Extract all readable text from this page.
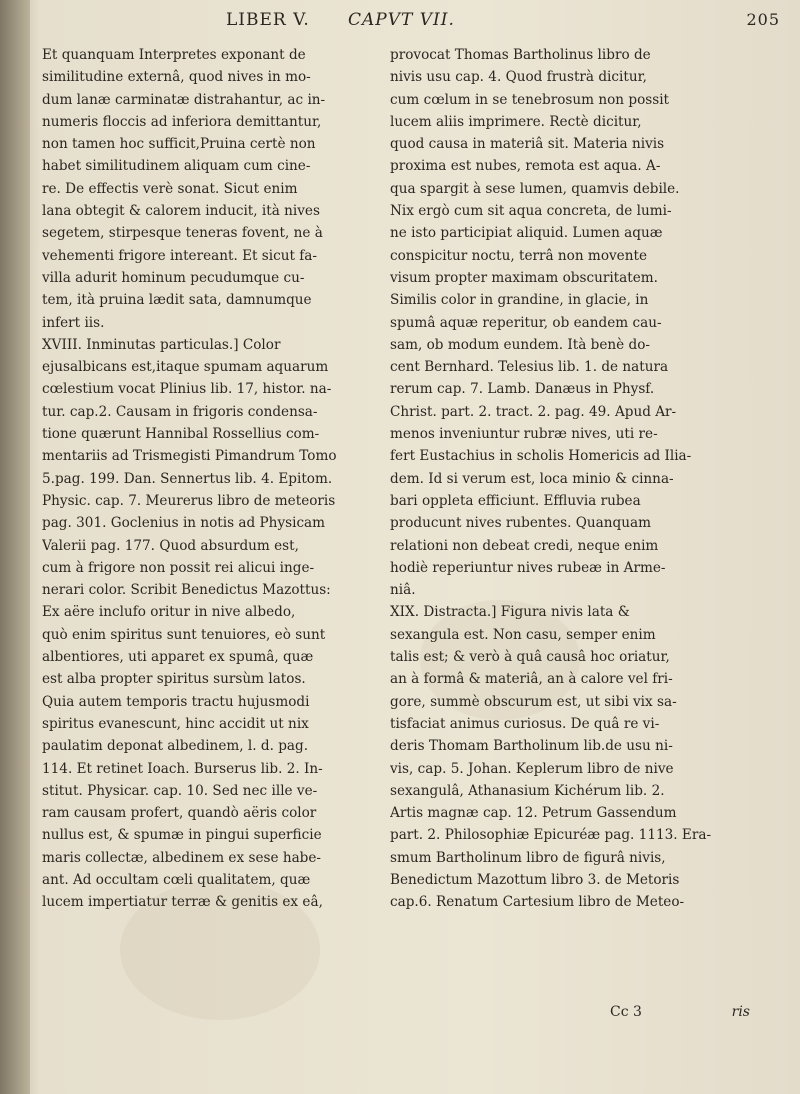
LIBER V. CAPVT VII.	205
Et quanquam Interpretes exponant de
similitudine externâ, quod nives in mo-
dum lanæ carminatæ distrahantur, ac in-
numeris floccis ad inferiora demittantur,
non tamen hoc sufficit,Pruina certè non
habet similitudinem aliquam cum cine-
re. De effectis verè sonat. Sicut enim
lana obtegit & calorem inducit, ità nives
segetem, stirpesque teneras fovent, ne à
vehementi frigore intereant. Et sicut fa-
villa adurit hominum pecudumque cu-
tem, ità pruina lædit sata, damnumque
infert iis.
XVIII. Inminutas particulas.] Color
ejusalbicans est,itaque spumam aquarum
cœlestium vocat Plinius lib. 17, histor. na-
tur. cap.2. Causam in frigoris condensa-
tione quærunt Hannibal Rossellius com-
mentariis ad Trismegisti Pimandrum Tomo
5.pag. 199. Dan. Sennertus lib. 4. Epitom.
Physic. cap. 7. Meurerus libro de meteoris
pag. 301. Goclenius in notis ad Physicam
Valerii pag. 177. Quod absurdum est,
cum à frigore non possit rei alicui inge-
nerari color. Scribit Benedictus Mazottus:
Ex aëre inclufo oritur in nive albedo,
quò enim spiritus sunt tenuiores, eò sunt
albentiores, uti apparet ex spumâ, quæ
est alba propter spiritus sursùm latos.
Quia autem temporis tractu hujusmodi
spiritus evanescunt, hinc accidit ut nix
paulatim deponat albedinem, l. d. pag.
114. Et retinet Ioach. Burserus lib. 2. In-
stitut. Physicar. cap. 10. Sed nec ille ve-
ram causam profert, quandò aëris color
nullus est, & spumæ in pingui superficie
maris collectæ, albedinem ex sese habe-
ant. Ad occultam cœli qualitatem, quæ
lucem impertiatur terræ & genitis ex eâ,
provocat Thomas Bartholinus libro de
nivis usu cap. 4. Quod frustrà dicitur,
cum cœlum in se tenebrosum non possit
lucem aliis imprimere. Rectè dicitur,
quod causa in materiâ sit. Materia nivis
proxima est nubes, remota est aqua. A-
qua spargit à sese lumen, quamvis debile.
Nix ergò cum sit aqua concreta, de lumi-
ne isto participiat aliquid. Lumen aquæ
conspicitur noctu, terrâ non movente
visum propter maximam obscuritatem.
Similis color in grandine, in glacie, in
spumâ aquæ reperitur, ob eandem cau-
sam, ob modum eundem. Ità benè do-
cent Bernhard. Telesius lib. 1. de natura
rerum cap. 7. Lamb. Danæus in Physf.
Christ. part. 2. tract. 2. pag. 49. Apud Ar-
menos inveniuntur rubræ nives, uti re-
fert Eustachius in scholis Homericis ad Ilia-
dem. Id si verum est, loca minio & cinna-
bari oppleta efficiunt. Effluvia rubea
producunt nives rubentes. Quanquam
relationi non debeat credi, neque enim
hodiè reperiuntur nives rubeæ in Arme-
niâ.
XIX. Distracta.] Figura nivis lata &
sexangula est. Non casu, semper enim
talis est; & verò à quâ causâ hoc oriatur,
an à formâ & materiâ, an à calore vel fri-
gore, summè obscurum est, ut sibi vix sa-
tisfaciat animus curiosus. De quâ re vi-
deris Thomam Bartholinum lib.de usu ni-
vis, cap. 5. Johan. Keplerum libro de nive
sexangulâ, Athanasium Kichérum lib. 2.
Artis magnæ cap. 12. Petrum Gassendum
part. 2. Philosophiæ Epicuréæ pag. 1113. Era-
smum Bartholinum libro de figurâ nivis,
Benedictum Mazottum libro 3. de Metoris
cap.6. Renatum Cartesium libro de Meteo-
Cc 3	ris
